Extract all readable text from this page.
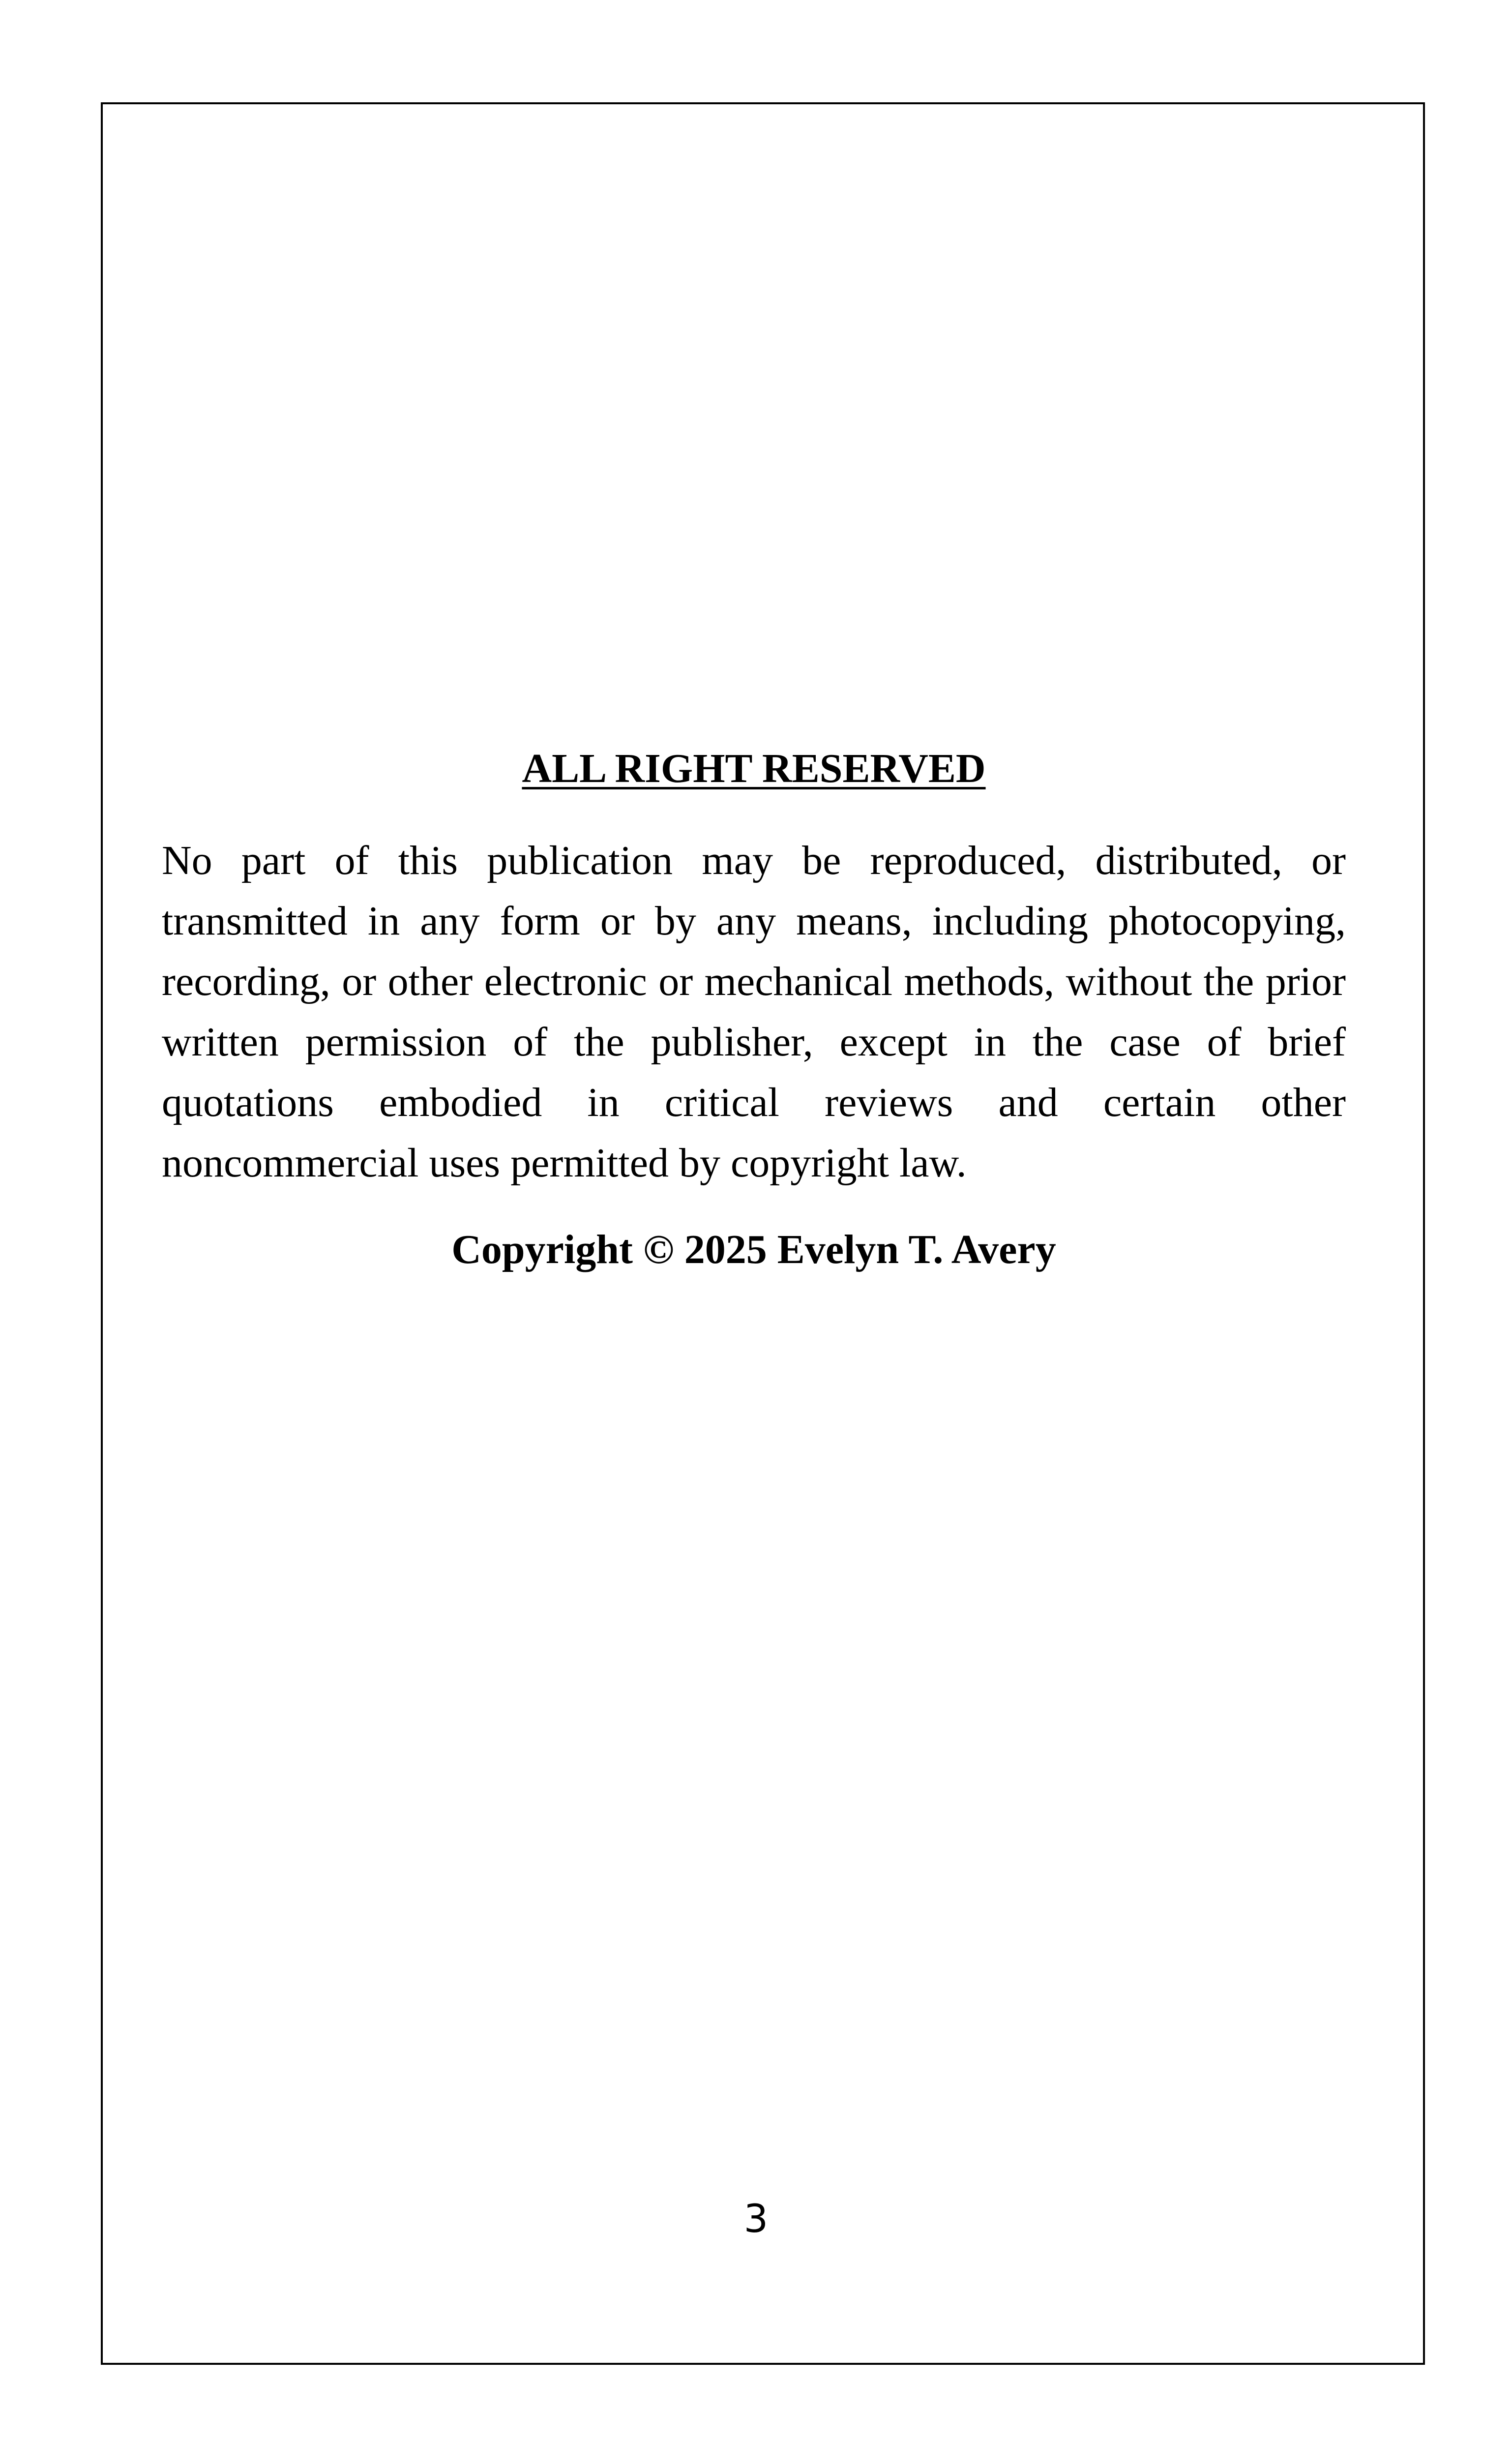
ALL RIGHT RESERVED

No part of this publication may be reproduced, distributed, or transmitted in any form or by any means, including photocopying, recording, or other electronic or mechanical methods, without the prior written permission of the publisher, except in the case of brief quotations embodied in critical reviews and certain other noncommercial uses permitted by copyright law.

Copyright © 2025 Evelyn T. Avery

3
